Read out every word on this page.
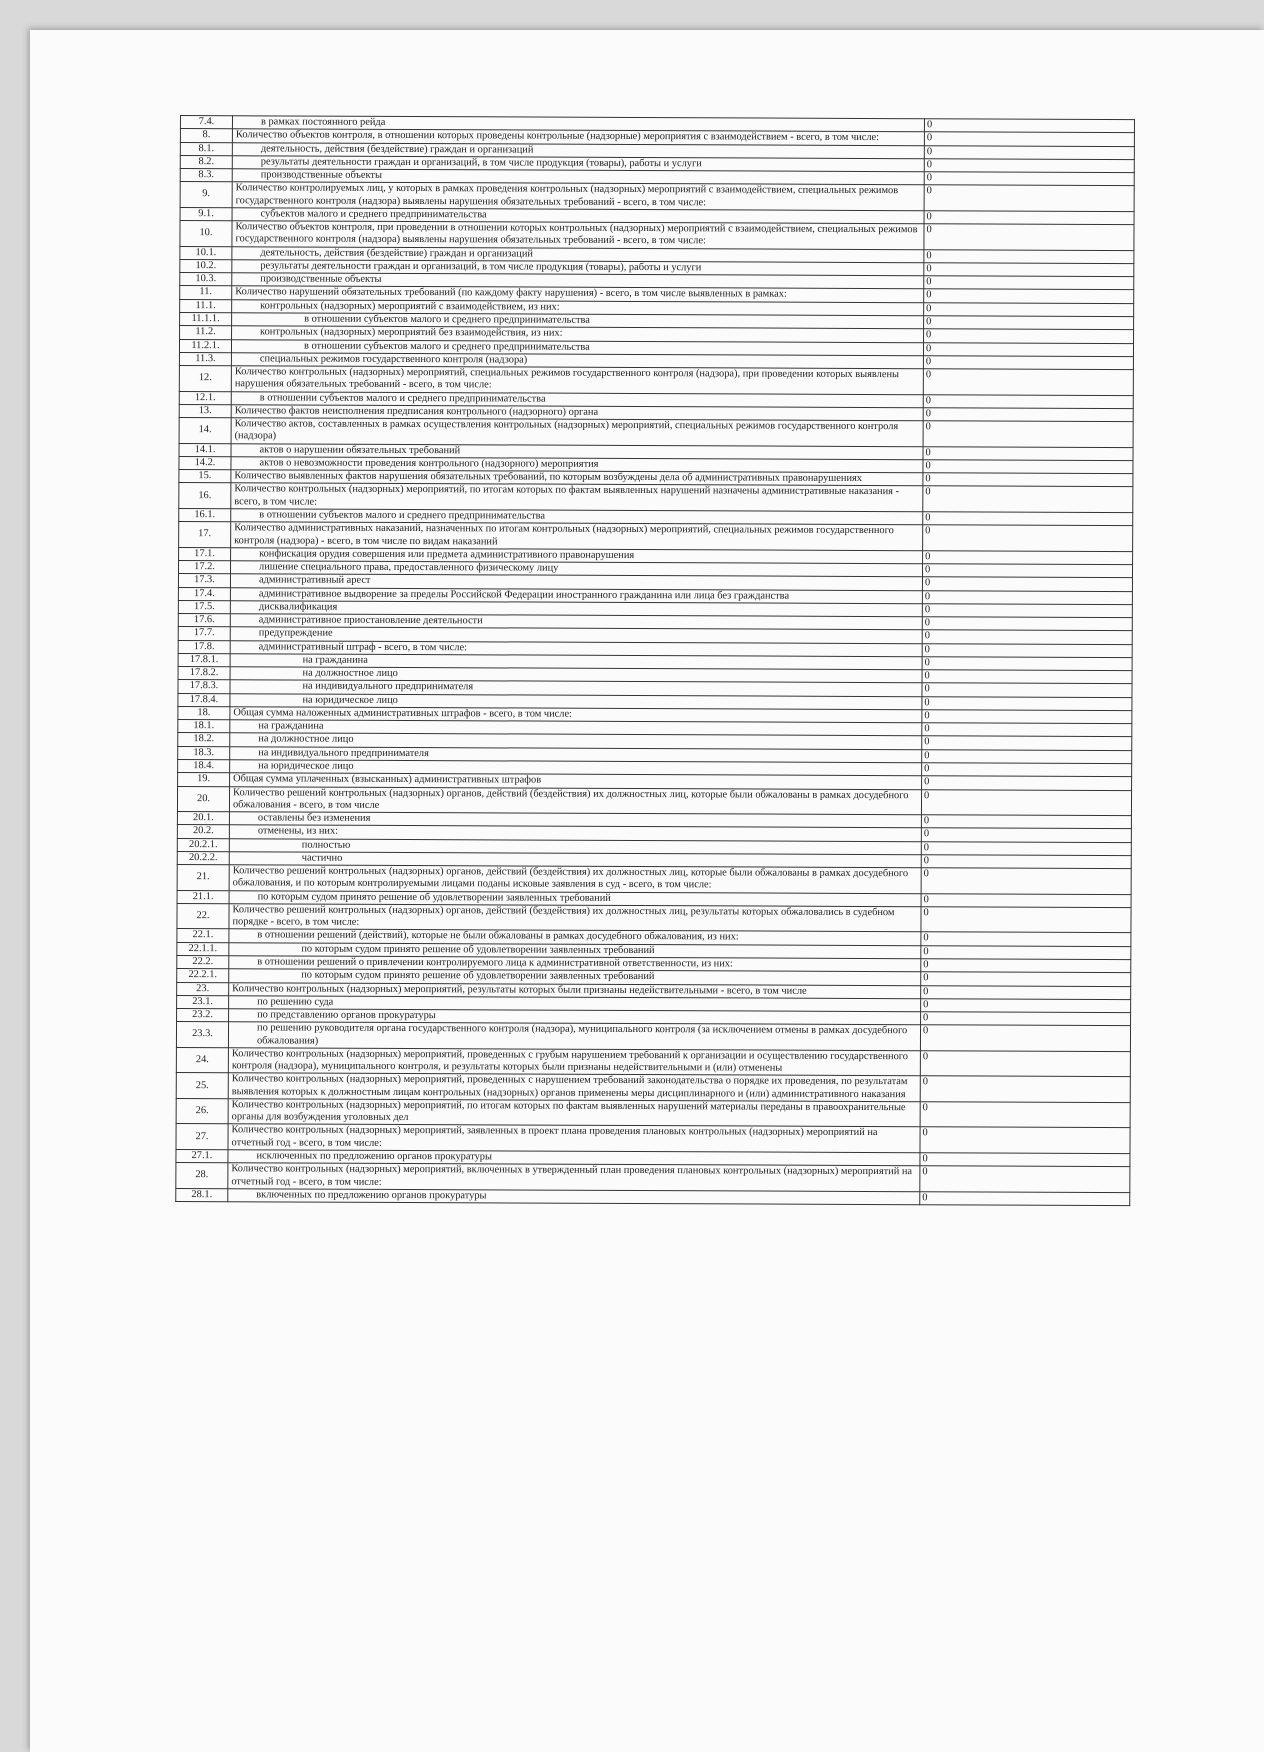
7.4.	в рамках постоянного рейда	0
8.	Количество объектов контроля, в отношении которых проведены контрольные (надзорные) мероприятия с взаимодействием - всего, в том числе:	0
8.1.	деятельность, действия (бездействие) граждан и организаций	0
8.2.	результаты деятельности граждан и организаций, в том числе продукция (товары), работы и услуги	0
8.3.	производственные объекты	0
9.	Количество контролируемых лиц, у которых в рамках проведения контрольных (надзорных) мероприятий с взаимодействием, специальных режимов государственного контроля (надзора) выявлены нарушения обязательных требований - всего, в том числе:	0
9.1.	субъектов малого и среднего предпринимательства	0
10.	Количество объектов контроля, при проведении в отношении которых контрольных (надзорных) мероприятий с взаимодействием, специальных режимов государственного контроля (надзора) выявлены нарушения обязательных требований - всего, в том числе:	0
10.1.	деятельность, действия (бездействие) граждан и организаций	0
10.2.	результаты деятельности граждан и организаций, в том числе продукция (товары), работы и услуги	0
10.3.	производственные объекты	0
11.	Количество нарушений обязательных требований (по каждому факту нарушения) - всего, в том числе выявленных в рамках:	0
11.1.	контрольных (надзорных) мероприятий с взаимодействием, из них:	0
11.1.1.	в отношении субъектов малого и среднего предпринимательства	0
11.2.	контрольных (надзорных) мероприятий без взаимодействия, из них:	0
11.2.1.	в отношении субъектов малого и среднего предпринимательства	0
11.3.	специальных режимов государственного контроля (надзора)	0
12.	Количество контрольных (надзорных) мероприятий, специальных режимов государственного контроля (надзора), при проведении которых выявлены нарушения обязательных требований - всего, в том числе:	0
12.1.	в отношении субъектов малого и среднего предпринимательства	0
13.	Количество фактов неисполнения предписания контрольного (надзорного) органа	0
14.	Количество актов, составленных в рамках осуществления контрольных (надзорных) мероприятий, специальных режимов государственного контроля (надзора)	0
14.1.	актов о нарушении обязательных требований	0
14.2.	актов о невозможности проведения контрольного (надзорного) мероприятия	0
15.	Количество выявленных фактов нарушения обязательных требований, по которым возбуждены дела об административных правонарушениях	0
16.	Количество контрольных (надзорных) мероприятий, по итогам которых по фактам выявленных нарушений назначены административные наказания - всего, в том числе:	0
16.1.	в отношении субъектов малого и среднего предпринимательства	0
17.	Количество административных наказаний, назначенных по итогам контрольных (надзорных) мероприятий, специальных режимов государственного контроля (надзора) - всего, в том числе по видам наказаний	0
17.1.	конфискация орудия совершения или предмета административного правонарушения	0
17.2.	лишение специального права, предоставленного физическому лицу	0
17.3.	административный арест	0
17.4.	административное выдворение за пределы Российской Федерации иностранного гражданина или лица без гражданства	0
17.5.	дисквалификация	0
17.6.	административное приостановление деятельности	0
17.7.	предупреждение	0
17.8.	административный штраф - всего, в том числе:	0
17.8.1.	на гражданина	0
17.8.2.	на должностное лицо	0
17.8.3.	на индивидуального предпринимателя	0
17.8.4.	на юридическое лицо	0
18.	Общая сумма наложенных административных штрафов - всего, в том числе:	0
18.1.	на гражданина	0
18.2.	на должностное лицо	0
18.3.	на индивидуального предпринимателя	0
18.4.	на юридическое лицо	0
19.	Общая сумма уплаченных (взысканных) административных штрафов	0
20.	Количество решений контрольных (надзорных) органов, действий (бездействия) их должностных лиц, которые были обжалованы в рамках досудебного обжалования - всего, в том числе	0
20.1.	оставлены без изменения	0
20.2.	отменены, из них:	0
20.2.1.	полностью	0
20.2.2.	частично	0
21.	Количество решений контрольных (надзорных) органов, действий (бездействия) их должностных лиц, которые были обжалованы в рамках досудебного обжалования, и по которым контролируемыми лицами поданы исковые заявления в суд - всего, в том числе:	0
21.1.	по которым судом принято решение об удовлетворении заявленных требований	0
22.	Количество решений контрольных (надзорных) органов, действий (бездействия) их должностных лиц, результаты которых обжаловались в судебном порядке - всего, в том числе:	0
22.1.	в отношении решений (действий), которые не были обжалованы в рамках досудебного обжалования, из них:	0
22.1.1.	по которым судом принято решение об удовлетворении заявленных требований	0
22.2.	в отношении решений о привлечении контролируемого лица к административной ответственности, из них:	0
22.2.1.	по которым судом принято решение об удовлетворении заявленных требований	0
23.	Количество контрольных (надзорных) мероприятий, результаты которых были признаны недействительными - всего, в том числе	0
23.1.	по решению суда	0
23.2.	по представлению органов прокуратуры	0
23.3.	по решению руководителя органа государственного контроля (надзора), муниципального контроля (за исключением отмены в рамках досудебного обжалования)	0
24.	Количество контрольных (надзорных) мероприятий, проведенных с грубым нарушением требований к организации и осуществлению государственного контроля (надзора), муниципального контроля, и результаты которых были признаны недействительными и (или) отменены	0
25.	Количество контрольных (надзорных) мероприятий, проведенных с нарушением требований законодательства о порядке их проведения, по результатам выявления которых к должностным лицам контрольных (надзорных) органов применены меры дисциплинарного и (или) административного наказания	0
26.	Количество контрольных (надзорных) мероприятий, по итогам которых по фактам выявленных нарушений материалы переданы в правоохранительные органы для возбуждения уголовных дел	0
27.	Количество контрольных (надзорных) мероприятий, заявленных в проект плана проведения плановых контрольных (надзорных) мероприятий на отчетный год - всего, в том числе:	0
27.1.	исключенных по предложению органов прокуратуры	0
28.	Количество контрольных (надзорных) мероприятий, включенных в утвержденный план проведения плановых контрольных (надзорных) мероприятий на отчетный год - всего, в том числе:	0
28.1.	включенных по предложению органов прокуратуры	0
